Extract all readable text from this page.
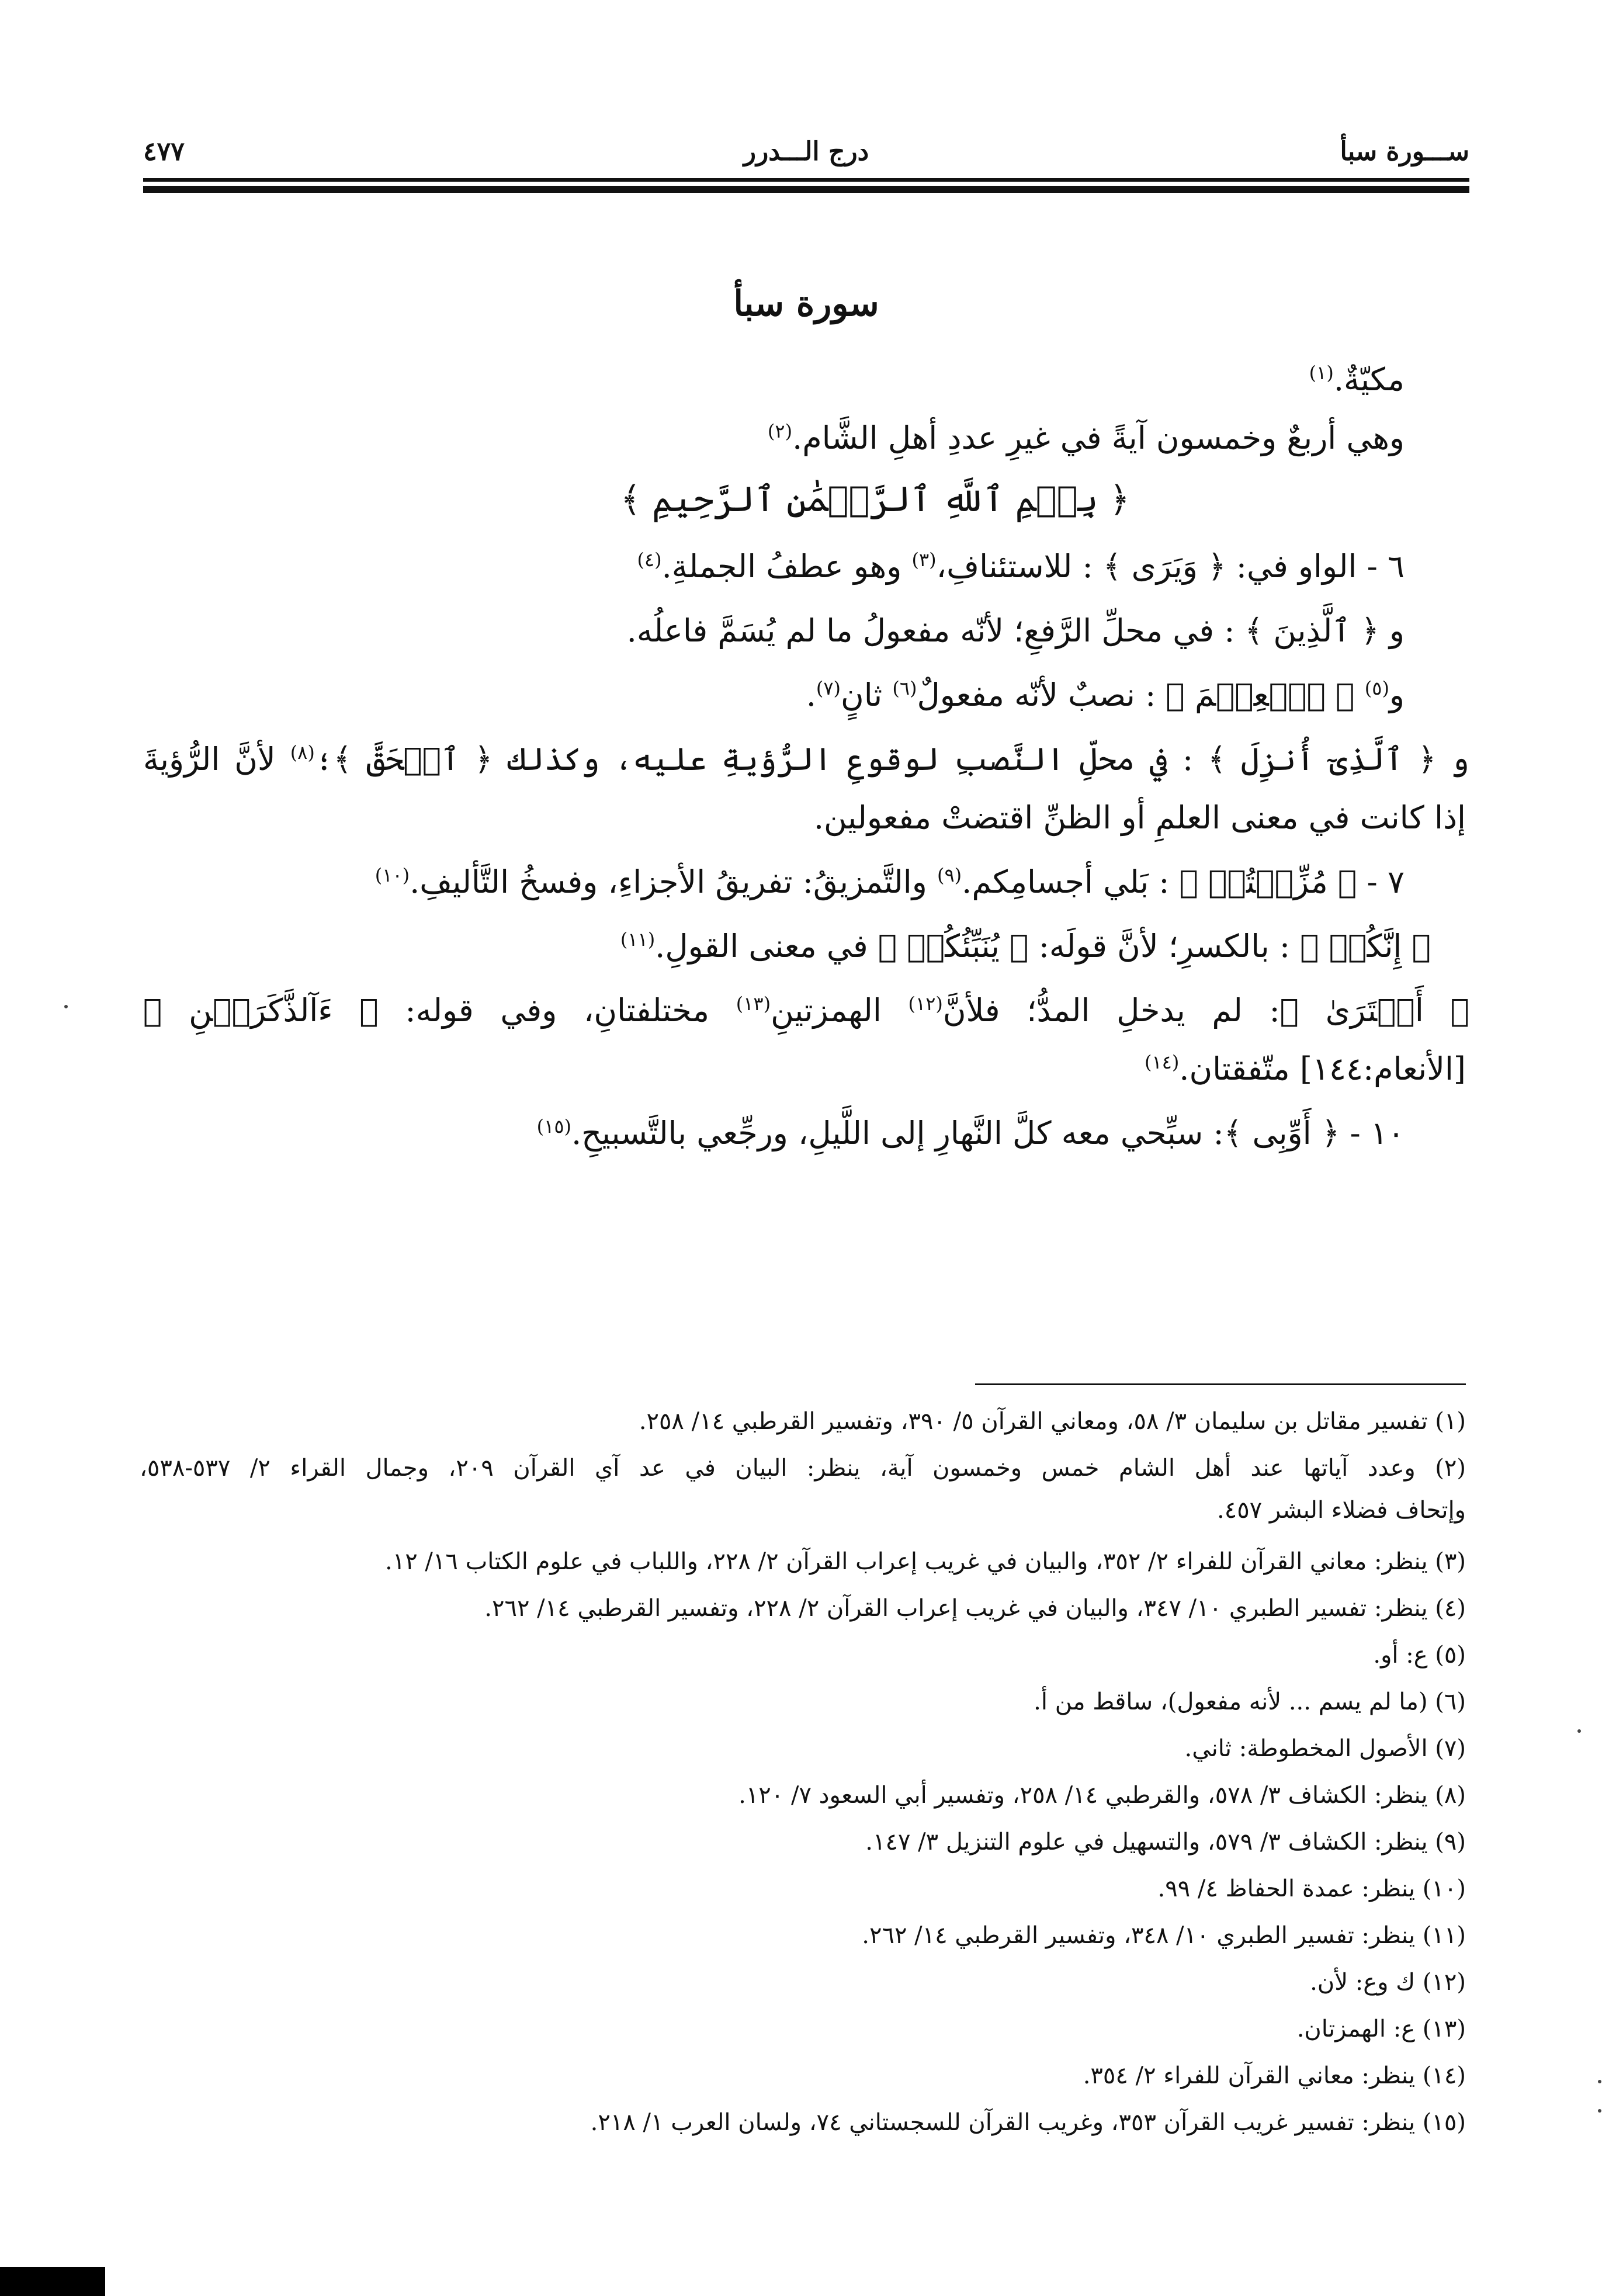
ســـورة سبأ
درج الـــدرر
٤٧٧
سورة سبأ
مكيّةٌ.$^{(١)}$
وهي أربعٌ وخمسون آيةً في غيرِ عددِ أهلِ الشَّام.$^{(٢)}$
﴿ بِسۡمِ ٱللَّهِ ٱلرَّحۡمَٰنِ ٱلرَّحِيمِ ﴾
٦ - الواو في: ﴿ وَيَرَى ﴾ : للاستئنافِ،$^{(٣)}$ وهو عطفُ الجملةِ.$^{(٤)}$
و ﴿ ٱلَّذِينَ ﴾ : في محلِّ الرَّفعِ؛ لأنّه مفعولُ ما لم يُسَمَّ فاعلُه.
و$^{(٥)}$ ﴿ ٱلۡعِلۡمَ ﴾ : نصبٌ لأنّه مفعولٌ$^{(٦)}$ ثانٍ$^{(٧)}$.
و ﴿ ٱلَّذِىٓ أُنزِلَ ﴾ : في محلِّ النَّصبِ لوقوعِ الرُّؤيةِ عليه، وكذلك ﴿ ٱلۡحَقَّ ﴾؛$^{(٨)}$ لأنَّ الرُّؤيةَ
إذا كانت في معنى العلمِ أو الظنِّ اقتضتْ مفعولين.
٧ - ﴿ مُزِّقۡتُمۡ ﴾ : بَلي أجسامِكم.$^{(٩)}$ والتَّمزيقُ: تفريقُ الأجزاءِ، وفسخُ التَّأليفِ.$^{(١٠)}$
﴿ إِنَّكُمۡ ﴾ : بالكسرِ؛ لأنَّ قولَه: ﴿ يُنَبِّئُكُمۡ ﴾ في معنى القولِ.$^{(١١)}$
﴿ أَفۡتَرَىٰ ﴾: لم يدخلِ المدُّ؛ فلأنَّ$^{(١٢)}$ الهمزتينِ$^{(١٣)}$ مختلفتانِ، وفي قوله: ﴿ ءَآلذَّكَرَيۡنِ ﴾
[الأنعام:١٤٤] متّفقتان.$^{(١٤)}$
١٠ - ﴿ أَوِّبِى ﴾: سبِّحي معه كلَّ النَّهارِ إلى اللَّيلِ، ورجِّعي بالتَّسبيحِ.$^{(١٥)}$
(١) تفسير مقاتل بن سليمان ٣/ ٥٨، ومعاني القرآن ٥/ ٣٩٠، وتفسير القرطبي ١٤/ ٢٥٨.
(٢) وعدد آياتها عند أهل الشام خمس وخمسون آية، ينظر: البيان في عد آي القرآن ٢٠٩، وجمال القراء ٢/ ٥٣٧-٥٣٨،
وإتحاف فضلاء البشر ٤٥٧.
(٣) ينظر: معاني القرآن للفراء ٢/ ٣٥٢، والبيان في غريب إعراب القرآن ٢/ ٢٢٨، واللباب في علوم الكتاب ١٦/ ١٢.
(٤) ينظر: تفسير الطبري ١٠/ ٣٤٧، والبيان في غريب إعراب القرآن ٢/ ٢٢٨، وتفسير القرطبي ١٤/ ٢٦٢.
(٥) ع: أو.
(٦) (ما لم يسم ... لأنه مفعول)، ساقط من أ.
(٧) الأصول المخطوطة: ثاني.
(٨) ينظر: الكشاف ٣/ ٥٧٨، والقرطبي ١٤/ ٢٥٨، وتفسير أبي السعود ٧/ ١٢٠.
(٩) ينظر: الكشاف ٣/ ٥٧٩، والتسهيل في علوم التنزيل ٣/ ١٤٧.
(١٠) ينظر: عمدة الحفاظ ٤/ ٩٩.
(١١) ينظر: تفسير الطبري ١٠/ ٣٤٨، وتفسير القرطبي ١٤/ ٢٦٢.
(١٢) ك وع: لأن.
(١٣) ع: الهمزتان.
(١٤) ينظر: معاني القرآن للفراء ٢/ ٣٥٤.
(١٥) ينظر: تفسير غريب القرآن ٣٥٣، وغريب القرآن للسجستاني ٧٤، ولسان العرب ١/ ٢١٨.
